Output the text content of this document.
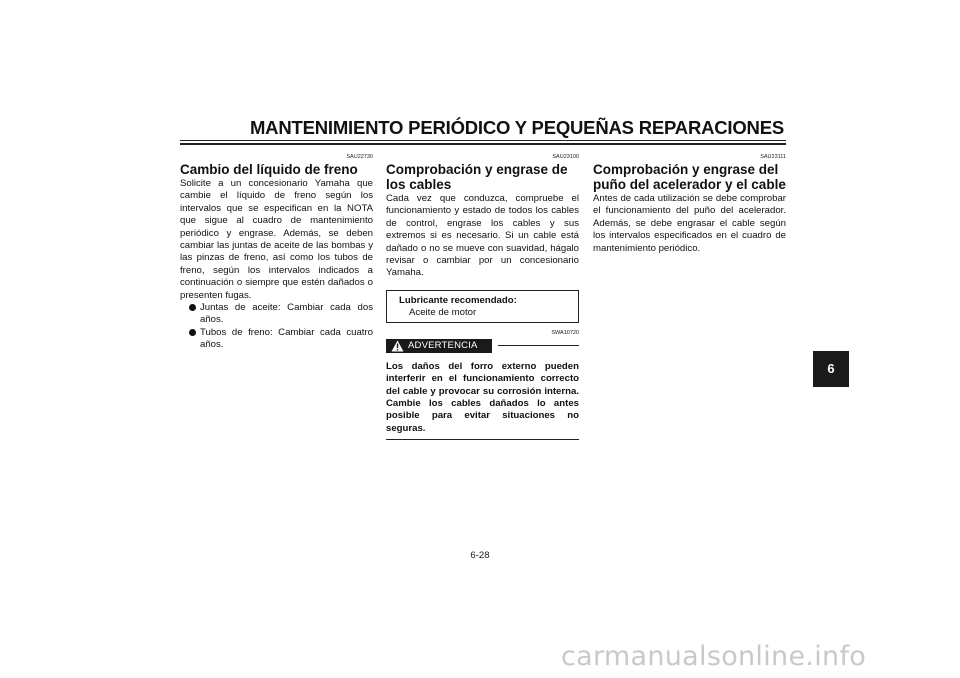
MANTENIMIENTO PERIÓDICO Y PEQUEÑAS REPARACIONES
SAU22730
Cambio del líquido de freno

Solicite a un concesionario Yamaha que cambie el líquido de freno según los intervalos que se especifican en la NOTA que sigue al cuadro de mantenimiento periódico y engrase. Además, se deben cambiar las juntas de aceite de las bombas y las pinzas de freno, así como los tubos de freno, según los intervalos indicados a continuación o siempre que estén dañados o presenten fugas.

Juntas de aceite: Cambiar cada dos años.
Tubos de freno: Cambiar cada cuatro años.
SAU23100
Comprobación y engrase de los cables

Cada vez que conduzca, compruebe el funcionamiento y estado de todos los cables de control, engrase los cables y sus extremos si es necesario. Si un cable está dañado o no se mueve con suavidad, hágalo revisar o cambiar por un concesionario Yamaha.

Lubricante recomendado:
Aceite de motor
SWA10720
ADVERTENCIA

Los daños del forro externo pueden interferir en el funcionamiento correcto del cable y provocar su corrosión interna. Cambie los cables dañados lo antes posible para evitar situaciones no seguras.

SAU23111
Comprobación y engrase del puño del acelerador y el cable

Antes de cada utilización se debe comprobar el funcionamiento del puño del acelerador. Además, se debe engrasar el cable según los intervalos especificados en el cuadro de mantenimiento periódico.

6
6-28
carmanualsonline.info
